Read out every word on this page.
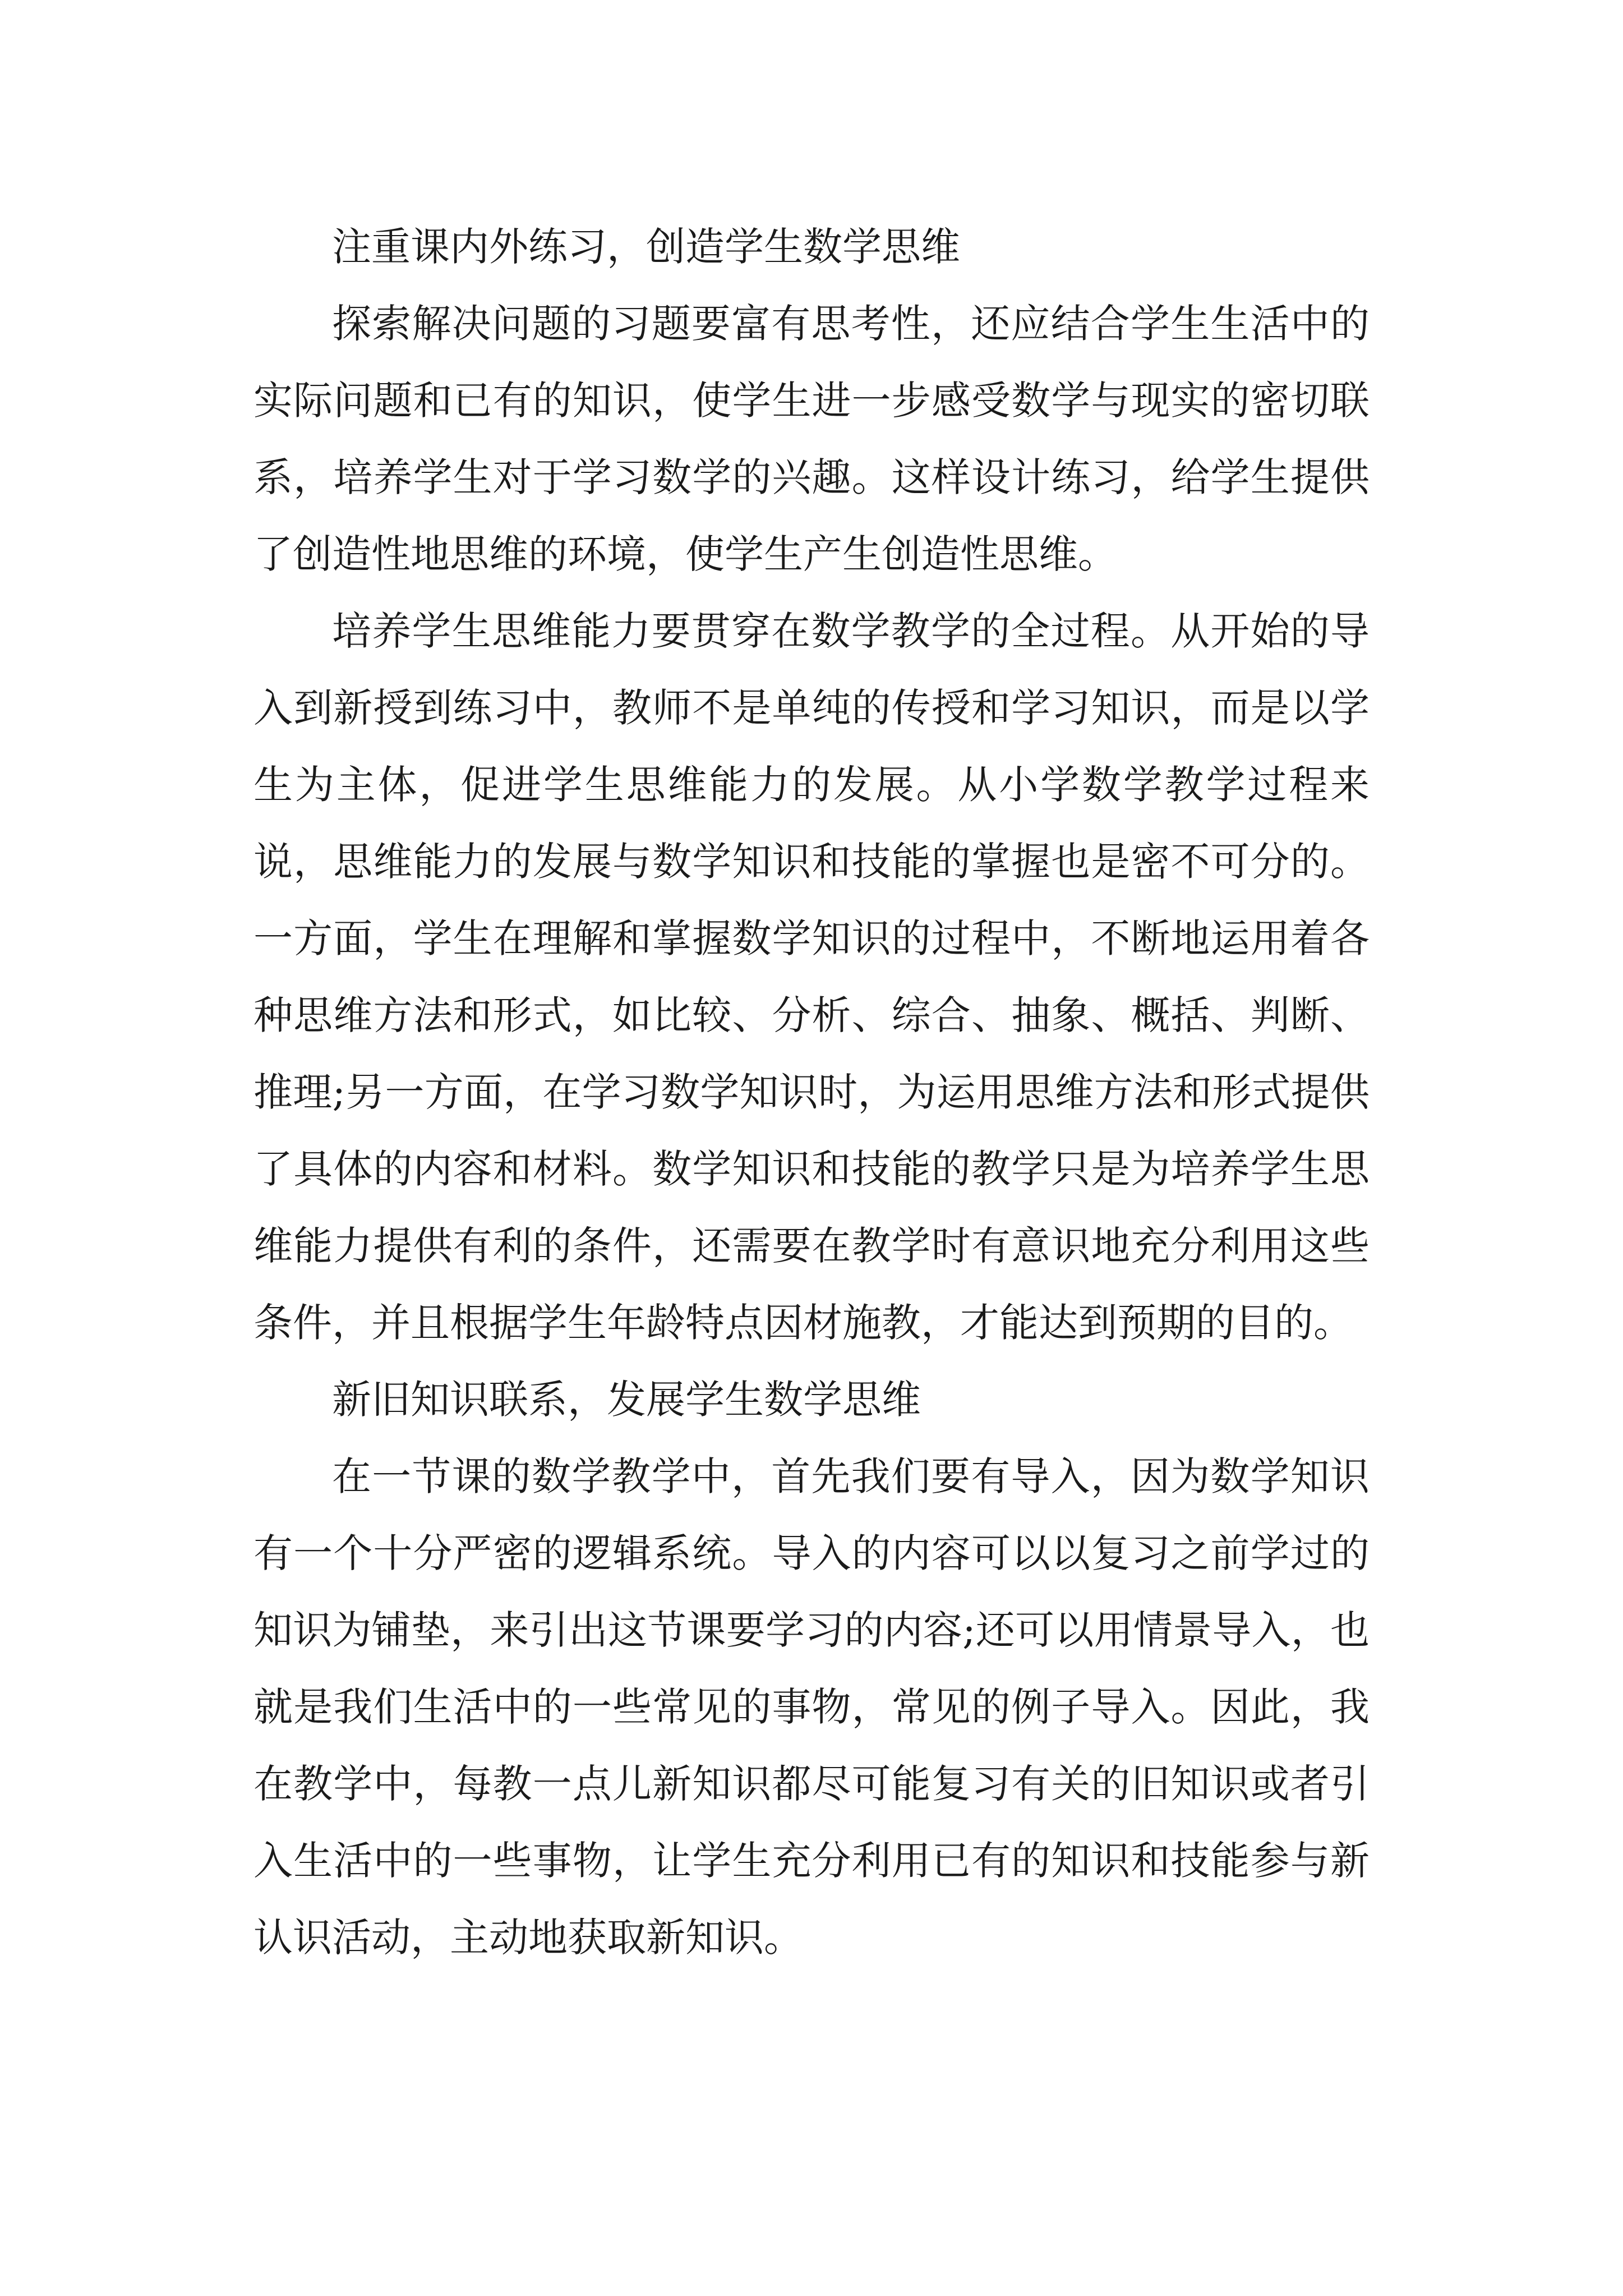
注重课内外练习，创造学生数学思维

探索解决问题的习题要富有思考性，还应结合学生生活中的实际问题和已有的知识，使学生进一步感受数学与现实的密切联系，培养学生对于学习数学的兴趣。这样设计练习，给学生提供了创造性地思维的环境，使学生产生创造性思维。

培养学生思维能力要贯穿在数学教学的全过程。从开始的导入到新授到练习中，教师不是单纯的传授和学习知识，而是以学生为主体，促进学生思维能力的发展。从小学数学教学过程来说，思维能力的发展与数学知识和技能的掌握也是密不可分的。一方面，学生在理解和掌握数学知识的过程中，不断地运用着各种思维方法和形式，如比较、分析、综合、抽象、概括、判断、推理;另一方面，在学习数学知识时，为运用思维方法和形式提供了具体的内容和材料。数学知识和技能的教学只是为培养学生思维能力提供有利的条件，还需要在教学时有意识地充分利用这些条件，并且根据学生年龄特点因材施教，才能达到预期的目的。

新旧知识联系，发展学生数学思维

在一节课的数学教学中，首先我们要有导入，因为数学知识有一个十分严密的逻辑系统。导入的内容可以以复习之前学过的知识为铺垫，来引出这节课要学习的内容;还可以用情景导入，也就是我们生活中的一些常见的事物，常见的例子导入。因此，我在教学中，每教一点儿新知识都尽可能复习有关的旧知识或者引入生活中的一些事物，让学生充分利用已有的知识和技能参与新认识活动，主动地获取新知识。
